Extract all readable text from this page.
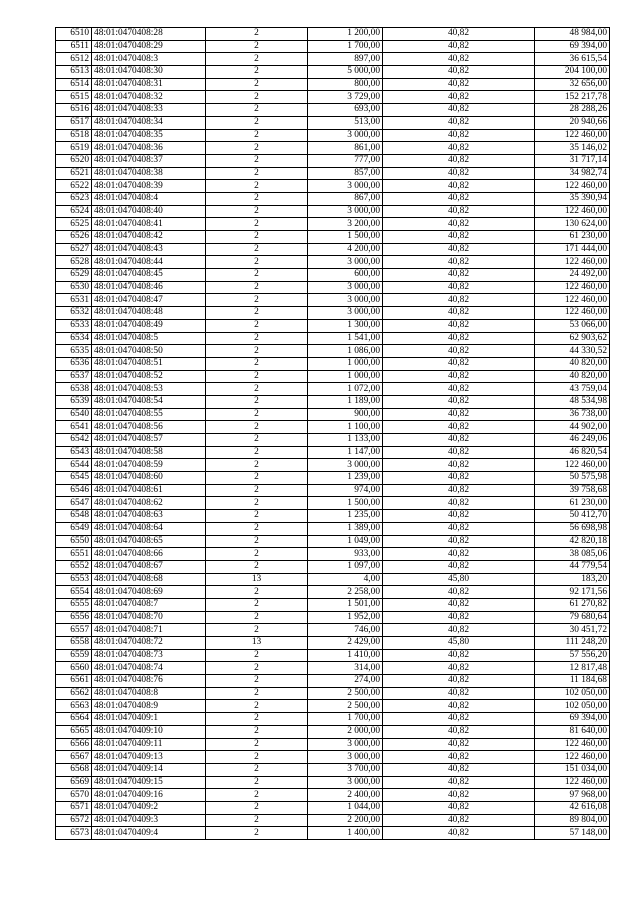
6510	48:01:0470408:28	2	1 200,00	40,82	48 984,00
6511	48:01:0470408:29	2	1 700,00	40,82	69 394,00
6512	48:01:0470408:3	2	897,00	40,82	36 615,54
6513	48:01:0470408:30	2	5 000,00	40,82	204 100,00
6514	48:01:0470408:31	2	800,00	40,82	32 656,00
6515	48:01:0470408:32	2	3 729,00	40,82	152 217,78
6516	48:01:0470408:33	2	693,00	40,82	28 288,26
6517	48:01:0470408:34	2	513,00	40,82	20 940,66
6518	48:01:0470408:35	2	3 000,00	40,82	122 460,00
6519	48:01:0470408:36	2	861,00	40,82	35 146,02
6520	48:01:0470408:37	2	777,00	40,82	31 717,14
6521	48:01:0470408:38	2	857,00	40,82	34 982,74
6522	48:01:0470408:39	2	3 000,00	40,82	122 460,00
6523	48:01:0470408:4	2	867,00	40,82	35 390,94
6524	48:01:0470408:40	2	3 000,00	40,82	122 460,00
6525	48:01:0470408:41	2	3 200,00	40,82	130 624,00
6526	48:01:0470408:42	2	1 500,00	40,82	61 230,00
6527	48:01:0470408:43	2	4 200,00	40,82	171 444,00
6528	48:01:0470408:44	2	3 000,00	40,82	122 460,00
6529	48:01:0470408:45	2	600,00	40,82	24 492,00
6530	48:01:0470408:46	2	3 000,00	40,82	122 460,00
6531	48:01:0470408:47	2	3 000,00	40,82	122 460,00
6532	48:01:0470408:48	2	3 000,00	40,82	122 460,00
6533	48:01:0470408:49	2	1 300,00	40,82	53 066,00
6534	48:01:0470408:5	2	1 541,00	40,82	62 903,62
6535	48:01:0470408:50	2	1 086,00	40,82	44 330,52
6536	48:01:0470408:51	2	1 000,00	40,82	40 820,00
6537	48:01:0470408:52	2	1 000,00	40,82	40 820,00
6538	48:01:0470408:53	2	1 072,00	40,82	43 759,04
6539	48:01:0470408:54	2	1 189,00	40,82	48 534,98
6540	48:01:0470408:55	2	900,00	40,82	36 738,00
6541	48:01:0470408:56	2	1 100,00	40,82	44 902,00
6542	48:01:0470408:57	2	1 133,00	40,82	46 249,06
6543	48:01:0470408:58	2	1 147,00	40,82	46 820,54
6544	48:01:0470408:59	2	3 000,00	40,82	122 460,00
6545	48:01:0470408:60	2	1 239,00	40,82	50 575,98
6546	48:01:0470408:61	2	974,00	40,82	39 758,68
6547	48:01:0470408:62	2	1 500,00	40,82	61 230,00
6548	48:01:0470408:63	2	1 235,00	40,82	50 412,70
6549	48:01:0470408:64	2	1 389,00	40,82	56 698,98
6550	48:01:0470408:65	2	1 049,00	40,82	42 820,18
6551	48:01:0470408:66	2	933,00	40,82	38 085,06
6552	48:01:0470408:67	2	1 097,00	40,82	44 779,54
6553	48:01:0470408:68	13	4,00	45,80	183,20
6554	48:01:0470408:69	2	2 258,00	40,82	92 171,56
6555	48:01:0470408:7	2	1 501,00	40,82	61 270,82
6556	48:01:0470408:70	2	1 952,00	40,82	79 680,64
6557	48:01:0470408:71	2	746,00	40,82	30 451,72
6558	48:01:0470408:72	13	2 429,00	45,80	111 248,20
6559	48:01:0470408:73	2	1 410,00	40,82	57 556,20
6560	48:01:0470408:74	2	314,00	40,82	12 817,48
6561	48:01:0470408:76	2	274,00	40,82	11 184,68
6562	48:01:0470408:8	2	2 500,00	40,82	102 050,00
6563	48:01:0470408:9	2	2 500,00	40,82	102 050,00
6564	48:01:0470409:1	2	1 700,00	40,82	69 394,00
6565	48:01:0470409:10	2	2 000,00	40,82	81 640,00
6566	48:01:0470409:11	2	3 000,00	40,82	122 460,00
6567	48:01:0470409:13	2	3 000,00	40,82	122 460,00
6568	48:01:0470409:14	2	3 700,00	40,82	151 034,00
6569	48:01:0470409:15	2	3 000,00	40,82	122 460,00
6570	48:01:0470409:16	2	2 400,00	40,82	97 968,00
6571	48:01:0470409:2	2	1 044,00	40,82	42 616,08
6572	48:01:0470409:3	2	2 200,00	40,82	89 804,00
6573	48:01:0470409:4	2	1 400,00	40,82	57 148,00
